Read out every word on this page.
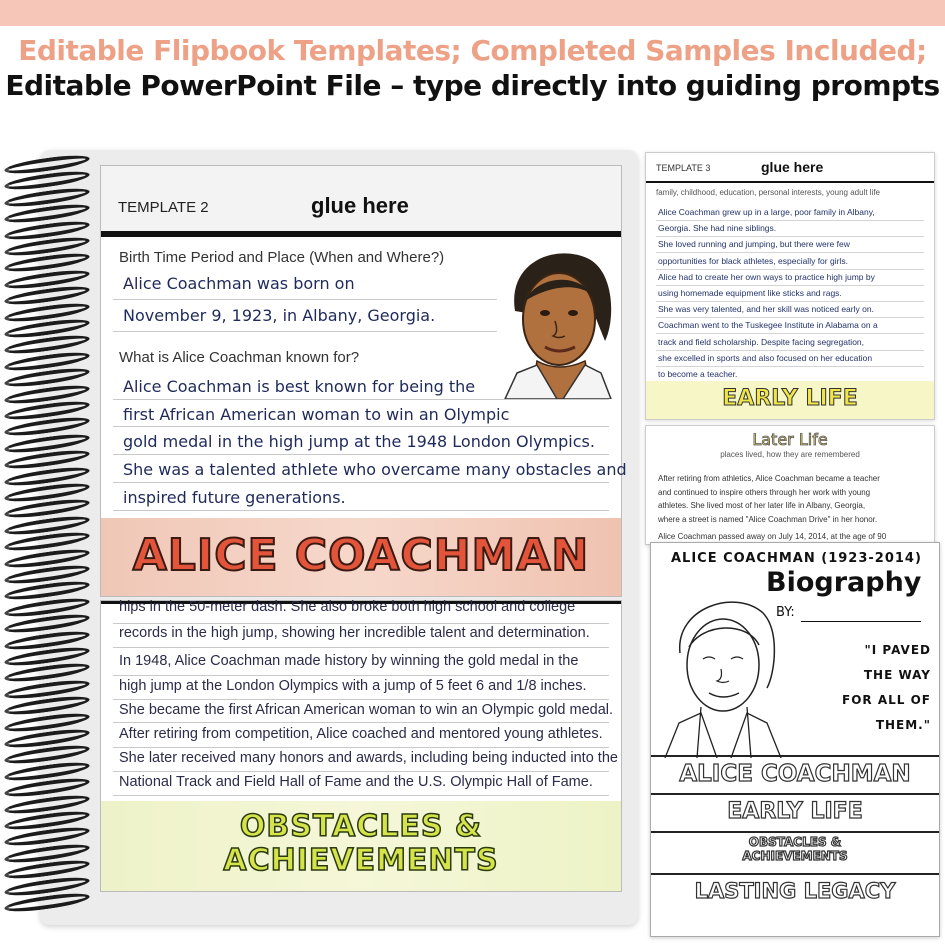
Editable Flipbook Templates; Completed Samples Included; Editable PowerPoint File – type directly into guiding prompts
TEMPLATE 2	glue here
Birth Time Period and Place (When and Where?)
Alice Coachman was born on
November 9, 1923, in Albany, Georgia.
What is Alice Coachman known for?
Alice Coachman is best known for being the
first African American woman to win an Olympic
gold medal in the high jump at the 1948 London Olympics.
She was a talented athlete who overcame many obstacles and
inspired future generations.
ALICE COACHMAN
hips in the 50-meter dash. She also broke both high school and college
records in the high jump, showing her incredible talent and determination.
In 1948, Alice Coachman made history by winning the gold medal in the
high jump at the London Olympics with a jump of 5 feet 6 and 1/8 inches.
She became the first African American woman to win an Olympic gold medal.
After retiring from competition, Alice coached and mentored young athletes.
She later received many honors and awards, including being inducted into the
National Track and Field Hall of Fame and the U.S. Olympic Hall of Fame.
OBSTACLES &
ACHIEVEMENTS
TEMPLATE 3	glue here
family, childhood, education, personal interests, young adult life
Alice Coachman grew up in a large, poor family in Albany,
Georgia. She had nine siblings.
She loved running and jumping, but there were few
opportunities for black athletes, especially for girls.
Alice had to create her own ways to practice high jump by
using homemade equipment like sticks and rags.
She was very talented, and her skill was noticed early on.
Coachman went to the Tuskegee Institute in Alabama on a
track and field scholarship. Despite facing segregation,
she excelled in sports and also focused on her education
to become a teacher.
EARLY LIFE
Later Life
places lived, how they are remembered
After retiring from athletics, Alice Coachman became a teacher
and continued to inspire others through her work with young
athletes. She lived most of her later life in Albany, Georgia,
where a street is named "Alice Coachman Drive" in her honor.
Alice Coachman passed away on July 14, 2014, at the age of 90
ALICE COACHMAN (1923-2014)
Biography
BY:
"I PAVED
THE WAY
FOR ALL OF
THEM."
ALICE COACHMAN
EARLY LIFE
OBSTACLES &
ACHIEVEMENTS
LASTING LEGACY
